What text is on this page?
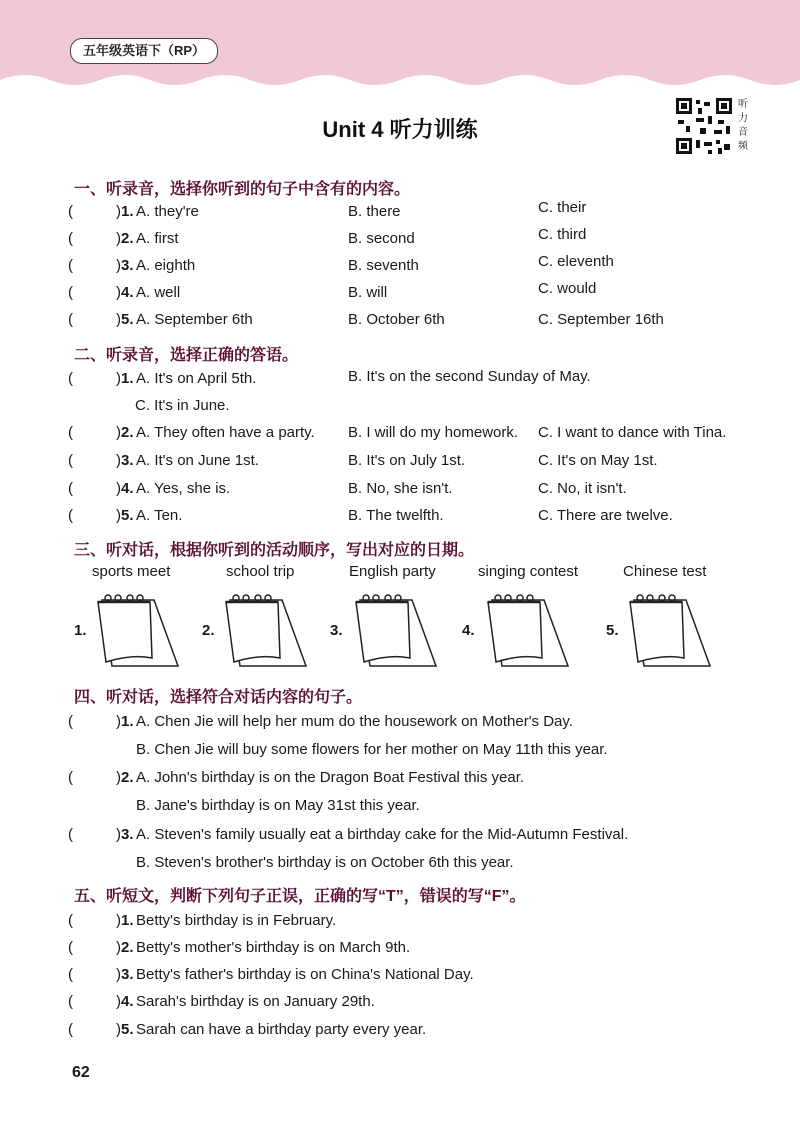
五年级英语下（RP）
Unit 4 听力训练
听力音频
一、听录音，选择你听到的句子中含有的内容。
(	) 1. A. they're	B. there	C. their
(	) 2. A. first	B. second	C. third
(	) 3. A. eighth	B. seventh	C. eleventh
(	) 4. A. well	B. will	C. would
(	) 5. A. September 6th	B. October 6th	C. September 16th
二、听录音，选择正确的答语。
(	) 1. A. It's on April 5th.	B. It's on the second Sunday of May.
C. It's in June.
(	) 2. A. They often have a party. B. I will do my homework. C. I want to dance with Tina.
(	) 3. A. It's on June 1st.	B. It's on July 1st.	C. It's on May 1st.
(	) 4. A. Yes, she is.	B. No, she isn't.	C. No, it isn't.
(	) 5. A. Ten.	B. The twelfth.	C. There are twelve.
三、听对话，根据你听到的活动顺序，写出对应的日期。
sports meet	school trip	English party	singing contest	Chinese test
1.	2.	3.	4.	5.
四、听对话，选择符合对话内容的句子。
(	) 1. A. Chen Jie will help her mum do the housework on Mother's Day.
B. Chen Jie will buy some flowers for her mother on May 11th this year.
(	) 2. A. John's birthday is on the Dragon Boat Festival this year.
B. Jane's birthday is on May 31st this year.
(	) 3. A. Steven's family usually eat a birthday cake for the Mid-Autumn Festival.
B. Steven's brother's birthday is on October 6th this year.
五、听短文，判断下列句子正误，正确的写“T”，错误的写“F”。
(	) 1. Betty's birthday is in February.
(	) 2. Betty's mother's birthday is on March 9th.
(	) 3. Betty's father's birthday is on China's National Day.
(	) 4. Sarah's birthday is on January 29th.
(	) 5. Sarah can have a birthday party every year.
62
